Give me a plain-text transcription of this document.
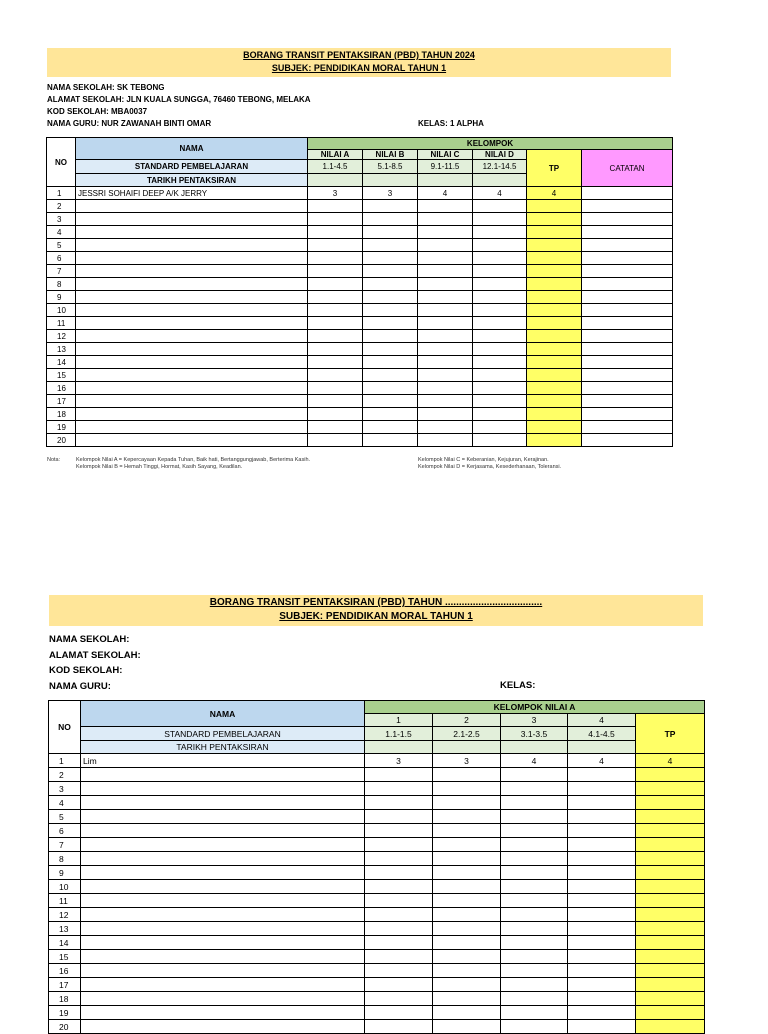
BORANG TRANSIT PENTAKSIRAN (PBD) TAHUN 2024
SUBJEK: PENDIDIKAN MORAL TAHUN 1
NAMA SEKOLAH: SK TEBONG
ALAMAT SEKOLAH: JLN KUALA SUNGGA, 76460 TEBONG, MELAKA
KOD SEKOLAH: MBA0037
NAMA GURU: NUR ZAWANAH BINTI OMAR	KELAS: 1 ALPHA
NO	NAMA	KELOMPOK					
		NILAI A	NILAI B	NILAI C	NILAI D	TP	CATATAN
	STANDARD PEMBELAJARAN	1.1-4.5	5.1-8.5	9.1-11.5	12.1-14.5		
	TARIKH PENTAKSIRAN						
1	JESSRI SOHAIFI DEEP A/K JERRY	3	3	4	4	4	
2							
3							
4							
5							
6							
7							
8							
9							
10							
11							
12							
13							
14							
15							
16							
17							
18							
19							
20							
Nota:	Kelompok Nilai A = Kepercayaan Kepada Tuhan, Baik hati, Bertanggungjawab, Berterima Kasih.
Kelompok Nilai B = Hemah Tinggi, Hormat, Kasih Sayang, Keadilan.
Kelompok Nilai C = Keberanian, Kejujuran, Kerajinan.
Kelompok Nilai D = Kerjasama, Kesederhanaan, Toleransi.
BORANG TRANSIT PENTAKSIRAN (PBD) TAHUN ...................................
SUBJEK: PENDIDIKAN MORAL TAHUN 1
NAMA SEKOLAH:
ALAMAT SEKOLAH:
KOD SEKOLAH:
NAMA GURU:	KELAS:
NO	NAMA	KELOMPOK NILAI A				
		1	2	3	4	TP
	STANDARD PEMBELAJARAN	1.1-1.5	2.1-2.5	3.1-3.5	4.1-4.5	
	TARIKH PENTAKSIRAN					
1	Lim	3	3	4	4	4
2						
3						
4						
5						
6						
7						
8						
9						
10						
11						
12						
13						
14						
15						
16						
17						
18						
19						
20						
